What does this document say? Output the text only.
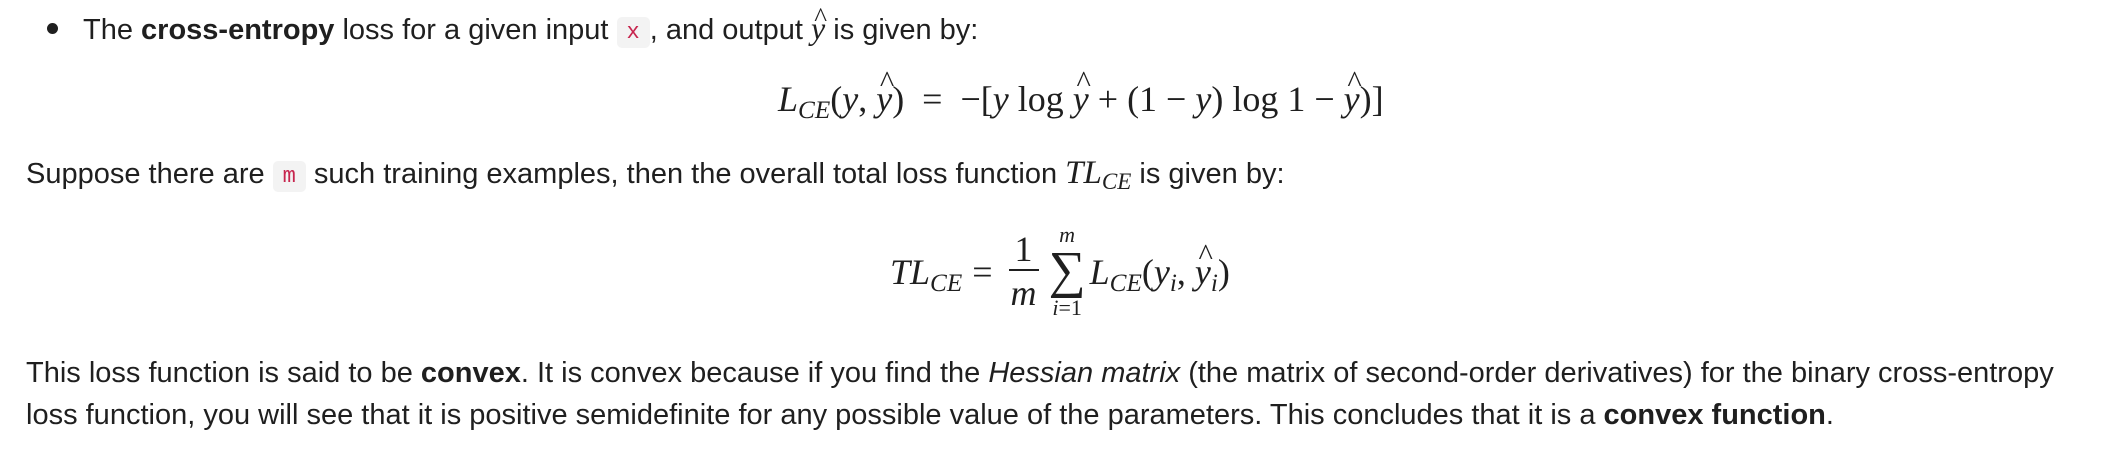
The cross-entropy loss for a given input x , and output y ^ is given by:
LCE(y, y ^)  =  −[y log y ^ + (1 − y) log 1 − y ^)]
Suppose there are m such training examples, then the overall total loss function TLCE is given by:
TLCE = $\frac{1}{m}$ m
∑
i=1
LCE(yi, y ^i)
This loss function is said to be convex. It is convex because if you find the Hessian matrix (the matrix of second-order derivatives) for the binary cross-entropy loss function, you will see that it is positive semidefinite for any possible value of the parameters. This concludes that it is a convex function.
